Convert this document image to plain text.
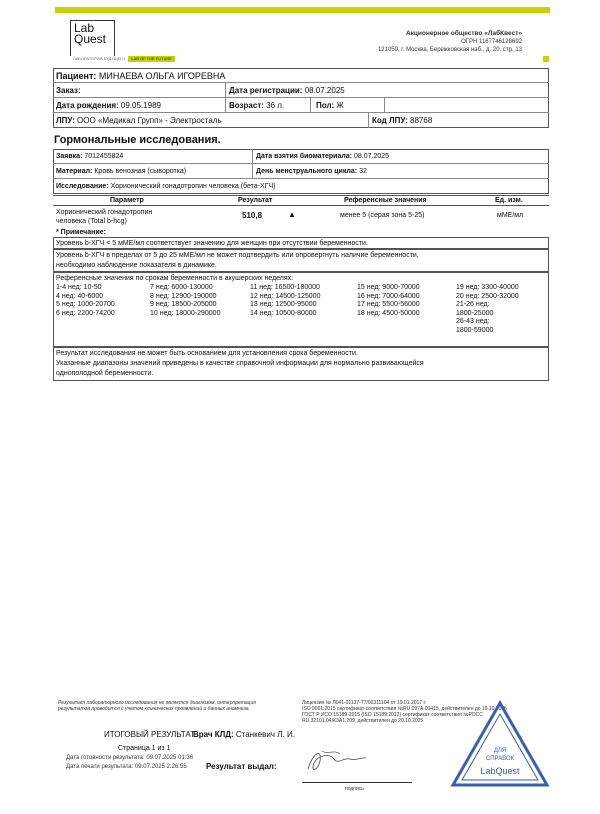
Lab
Quest
ЛАБОРАТОРИЯ БУДУЩЕГО	LAB OF THE FUTURE
Акционерное общество «ЛабКвест»
ОГРН 1167746128692
121059, г. Москва, Бережковская наб., д. 20, стр. 13
Пациент: МИНАЕВА ОЛЬГА ИГОРЕВНА
Заказ:	Дата регистрации: 08.07.2025
Дата рождения: 09.05.1989	Возраст: 36 л.	Пол: Ж
ЛПУ: ООО «Медикал Групп» - Электросталь	Код ЛПУ: 88768
Гормональные исследования.
Заявка: 7012455824	Дата взятия биоматериала: 08.07.2025
Материал: Кровь венозная (сыворотка)	День менструального цикла: 32
Исследование: Хорионический гонадотропин человека (бета-ХГЧ)
Параметр	Результат	Референсные значения	Ед. изм.
Хорионический гонадотропин
человека (Total b-hcg)
510,8	▲	менее 5 (серая зона 5-25)	мМЕ/мл
* Примечание:
Уровень b-ХГЧ < 5 мМЕ/мл соответствует значению для женщин при отсутствии беременности.
Уровень b-ХГЧ в пределах от 5 до 25 мМЕ/мл не может подтвердить или опровергнуть наличие беременности,
необходимо наблюдение показателя в динамике.
Референсные значения по срокам беременности в акушерских неделях:
1-4 нед: 10-50
4 нед: 40-6000
5 нед: 1000-20700
6 нед: 2200-74200
7 нед: 6000-130000
8 нед: 12900-190000
9 нед: 18500-205000
10 нед: 18000-290000
11 нед: 16500-180000
12 нед: 14500-125000
13 нед: 12500-95000
14 нед: 10500-80000
15 нед: 9000-70000
16 нед: 7000-64000
17 нед: 5500-56000
18 нед: 4500-50000
19 нед: 3300-40000
20 нед: 2500-32000
21-26 нед:
1800-25000
26-43 нед:
1800-59000
Результат исследования не может быть основанием для установления срока беременности.
Указанные диапазоны значений приведены в качестве справочной информации для нормально развивающейся
однополодной беременности.
Результат лабораторного исследования не является диагнозом, интерпретация
результатов проводится с учетом клинических проявлений и данных анамнеза.
Лицензия № Л041-01137-77/00311104 от 19.01.2017 г.
ISO 9001:2015 сертификат соответствия №RU.097А.00415, действителен до 19.10.2025
ГОСТ Р ИСО 15189-2015 (ISO 15189:2012) сертификат соответствия №РОСС
RU.32101.04ЖЗА1.209, действителен до 20.10.2025
ИТОГОВЫЙ РЕЗУЛЬТАТ
Врач КЛД: Станкевич Л. И.
Страница 1 из 1
Дата готовности результата: 09.07.2025 01:36
Дата печати результата: 09.07.2025 2:26:55 Результат выдал:
подпись
ДЛЯ
СПРАВОК
LabQuest
